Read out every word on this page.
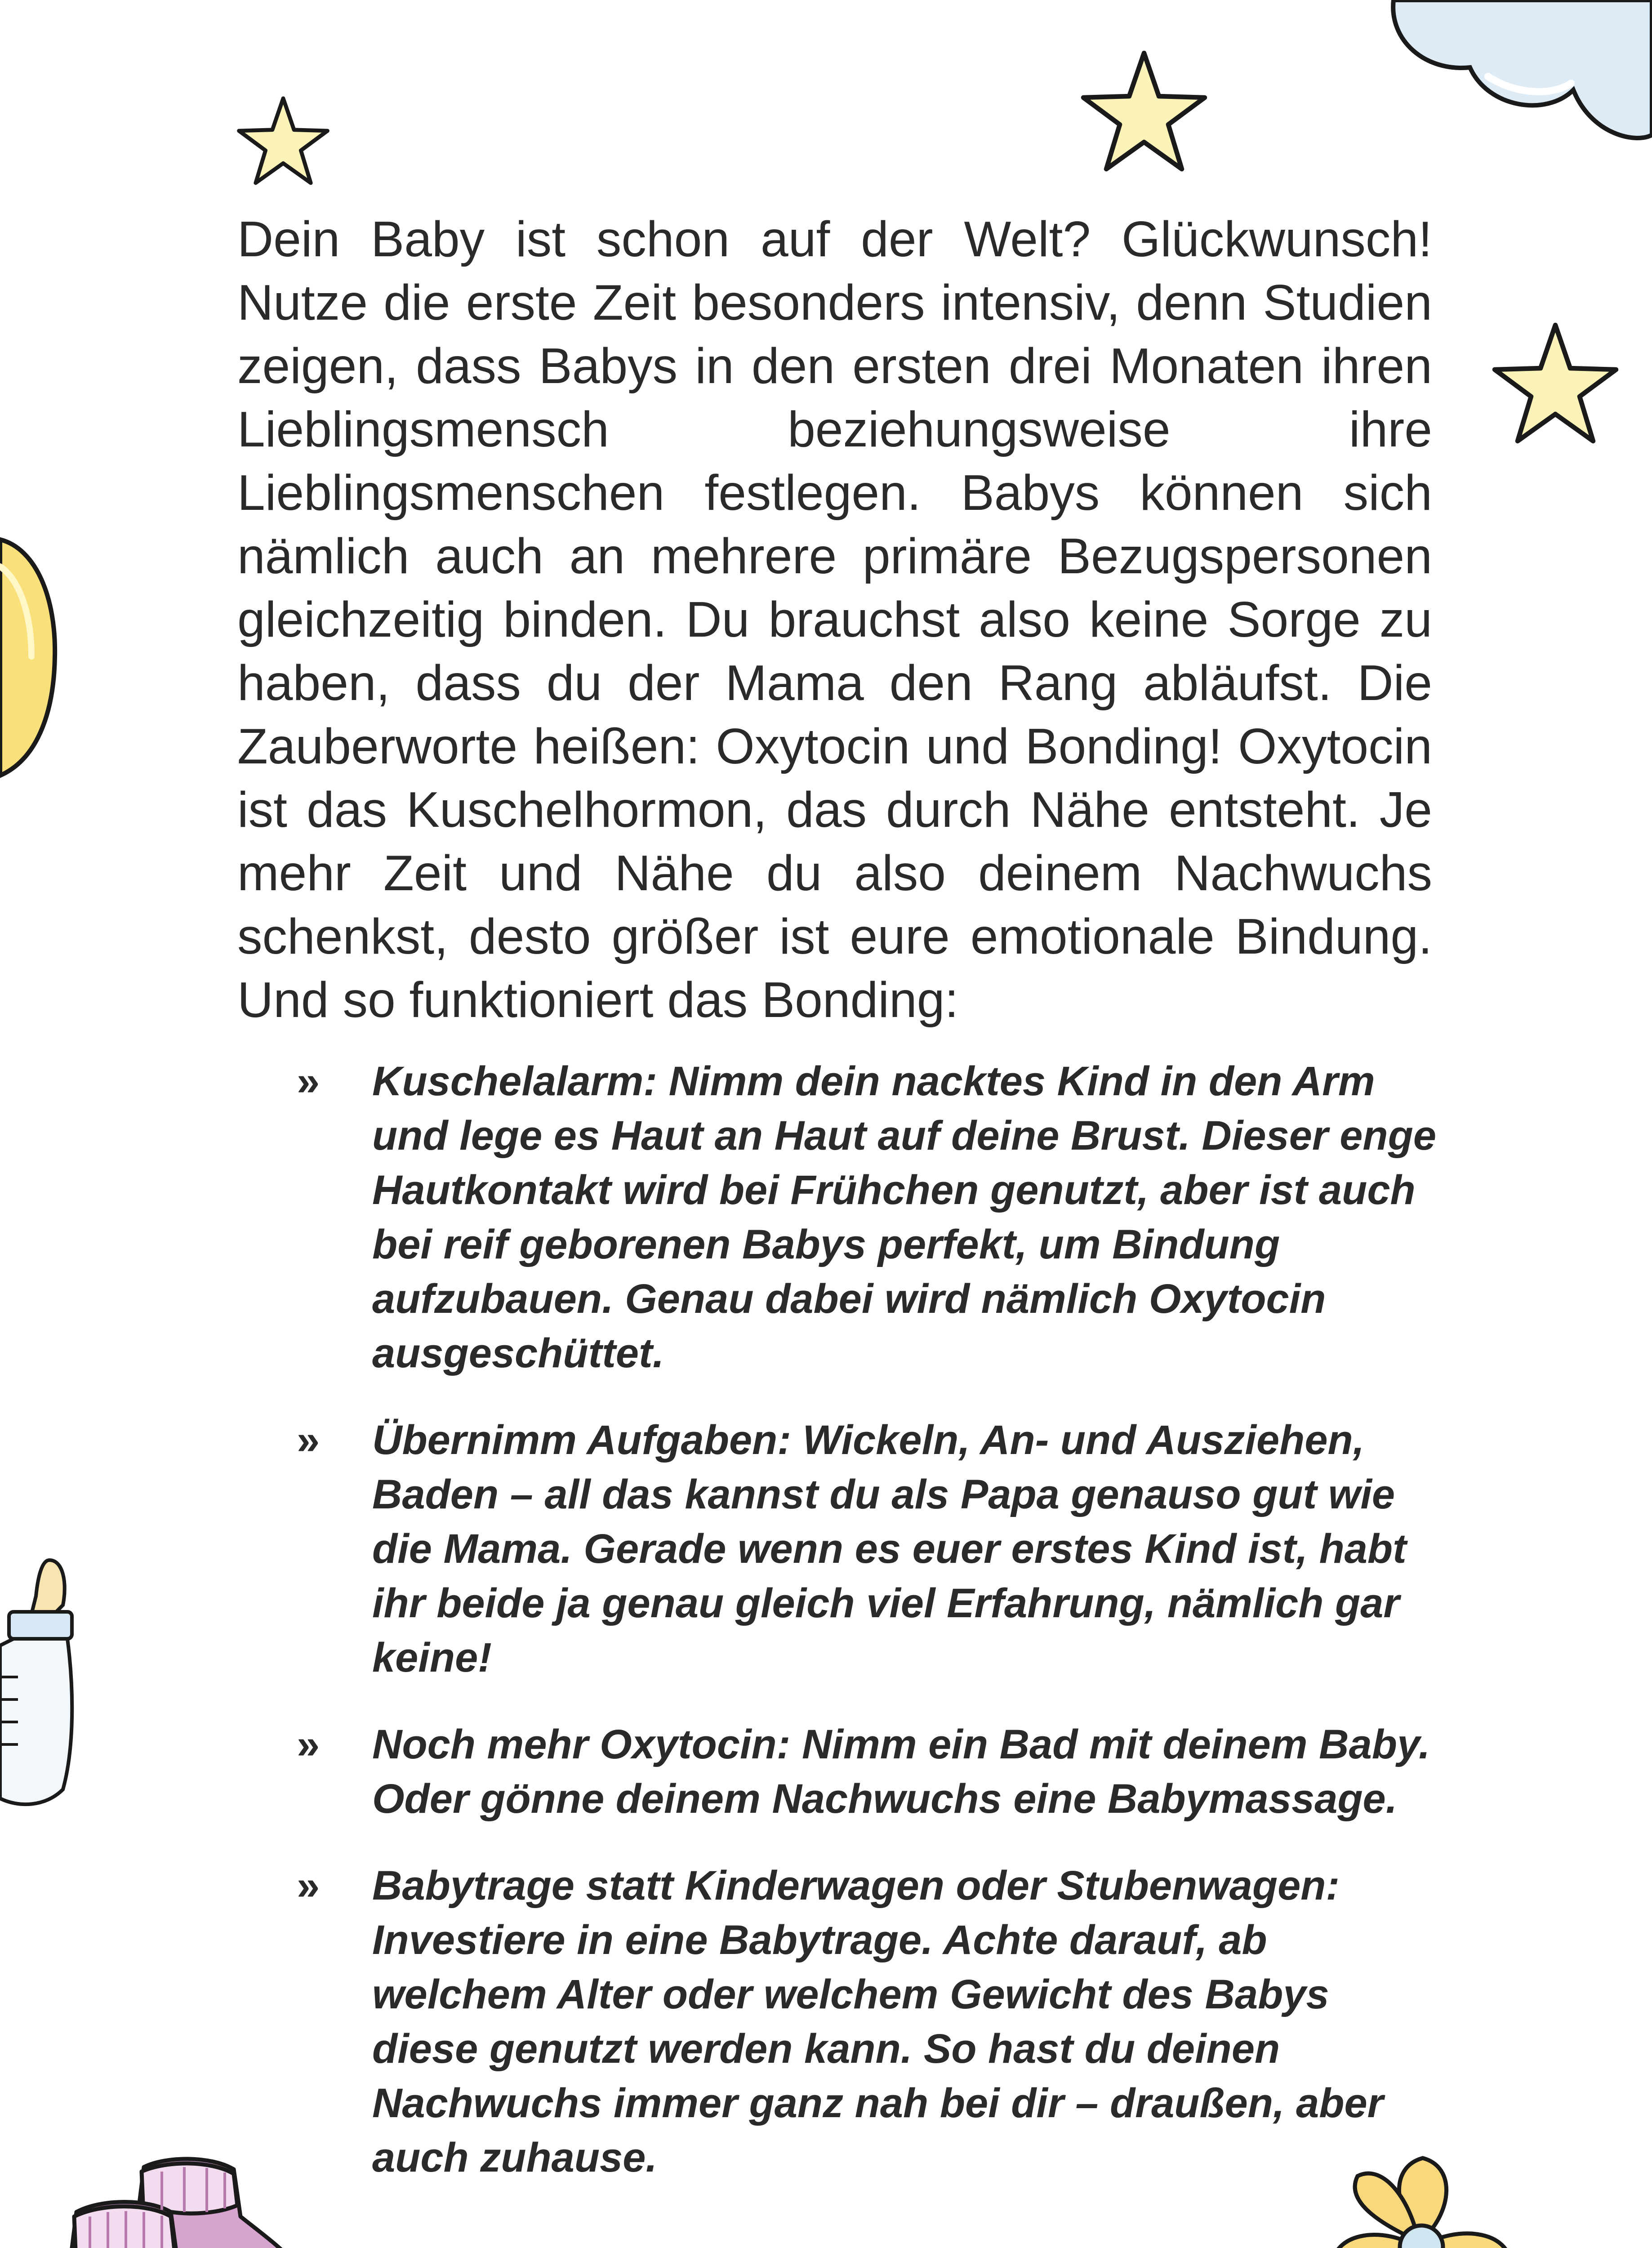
Dein Baby ist schon auf der Welt? Glückwunsch! Nutze die erste Zeit besonders intensiv, denn Studien zeigen, dass Babys in den ersten drei Monaten ihren Lieblingsmensch beziehungsweise ihre Lieblingsmenschen festlegen. Babys können sich nämlich auch an mehrere primäre Bezugspersonen gleichzeitig binden. Du brauchst also keine Sorge zu haben, dass du der Mama den Rang abläufst. Die Zauberworte heißen: Oxytocin und Bonding! Oxytocin ist das Kuschelhormon, das durch Nähe entsteht. Je mehr Zeit und Nähe du also deinem Nachwuchs schenkst, desto größer ist eure emotionale Bindung. Und so funktioniert das Bonding:

» Kuschelalarm: Nimm dein nacktes Kind in den Arm und lege es Haut an Haut auf deine Brust. Dieser enge Hautkontakt wird bei Frühchen genutzt, aber ist auch bei reif geborenen Babys perfekt, um Bindung aufzubauen. Genau dabei wird nämlich Oxytocin ausgeschüttet.
» Übernimm Aufgaben: Wickeln, An- und Ausziehen, Baden – all das kannst du als Papa genauso gut wie die Mama. Gerade wenn es euer erstes Kind ist, habt ihr beide ja genau gleich viel Erfahrung, nämlich gar keine!
» Noch mehr Oxytocin: Nimm ein Bad mit deinem Baby. Oder gönne deinem Nachwuchs eine Babymassage.
» Babytrage statt Kinderwagen oder Stubenwagen: Investiere in eine Babytrage. Achte darauf, ab welchem Alter oder welchem Gewicht des Babys diese genutzt werden kann. So hast du deinen Nachwuchs immer ganz nah bei dir – draußen, aber auch zuhause.
